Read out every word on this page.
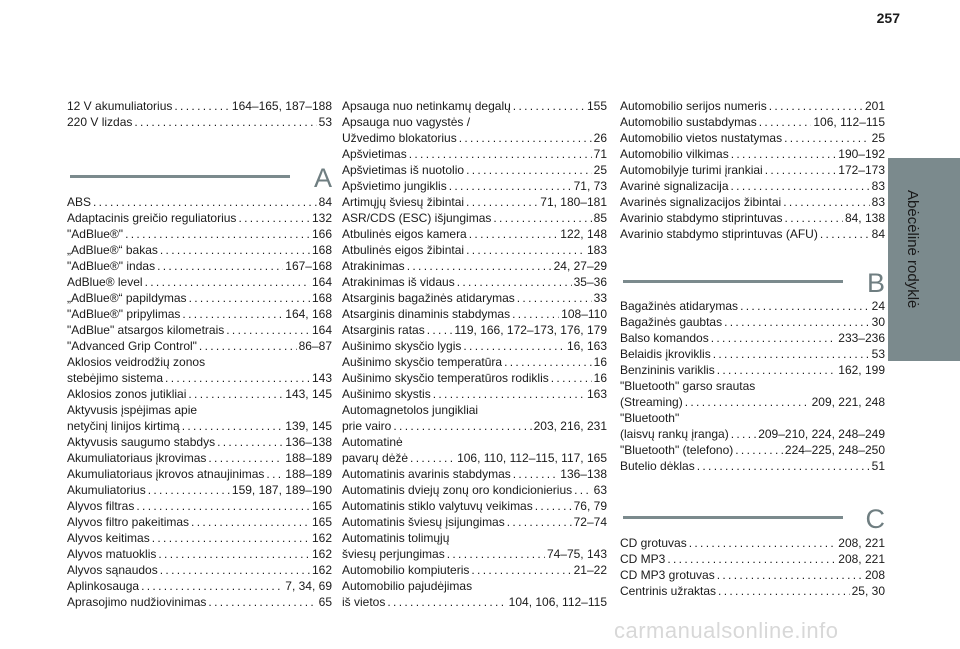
257
Abėcėlinė rodyklė
12 V akumuliatorius . . .	164–165, 187–188
220 V lizdas . . .	53
A
ABS . . .	84
Adaptacinis greičio reguliatorius . . .	132
"AdBlue®" . . .	166
„AdBlue®“ bakas . . .	168
"AdBlue®" indas . . .	167–168
AdBlue® level . . .	164
„AdBlue®“ papildymas . . .	168
"AdBlue®" pripylimas . . .	164, 168
"AdBlue" atsargos kilometrais . . .	164
"Advanced Grip Control" . . .	86–87
Aklosios veidrodžių zonos
stebėjimo sistema . . .	143
Aklosios zonos jutikliai . . .	143, 145
Aktyvusis įspėjimas apie
netyčinį linijos kirtimą . . .	139, 145
Aktyvusis saugumo stabdys . . .	136–138
Akumuliatoriaus įkrovimas . . .	188–189
Akumuliatoriaus įkrovos atnaujinimas . . . 188–189
Akumuliatorius . . .	159, 187, 189–190
Alyvos filtras . . .	165
Alyvos filtro pakeitimas . . .	165
Alyvos keitimas . . .	162
Alyvos matuoklis . . .	162
Alyvos sąnaudos . . .	162
Aplinkosauga . . .	7, 34, 69
Aprasojimo nudžiovinimas . . .	65
Apsauga nuo netinkamų degalų . . .	155
Apsauga nuo vagystės /
Užvedimo blokatorius . . .	26
Apšvietimas . . .	71
Apšvietimas iš nuotolio . . .	25
Apšvietimo jungiklis . . .	71, 73
Artimųjų šviesų žibintai . . .	71, 180–181
ASR/CDS (ESC) išjungimas . . .	85
Atbulinės eigos kamera . . .	122, 148
Atbulinės eigos žibintai . . .	183
Atrakinimas . . .	24, 27–29
Atrakinimas iš vidaus . . .	35–36
Atsarginis bagažinės atidarymas . . .	33
Atsarginis dinaminis stabdymas . . .	108–110
Atsarginis ratas . . . 119, 166, 172–173, 176, 179
Aušinimo skysčio lygis . . .	16, 163
Aušinimo skysčio temperatūra . . .	16
Aušinimo skysčio temperatūros rodiklis . . .	16
Aušinimo skystis . . .	163
Automagnetolos jungikliai
prie vairo . . .	203, 216, 231
Automatinė
pavarų dėžė . . .	106, 110, 112–115, 117, 165
Automatinis avarinis stabdymas . . .	136–138
Automatinis dviejų zonų oro kondicionierius . . . 63
Automatinis stiklo valytuvų veikimas . . .	76, 79
Automatinis šviesų įsijungimas . . .	72–74
Automatinis tolimųjų
šviesų perjungimas . . .	74–75, 143
Automobilio kompiuteris . . .	21–22
Automobilio pajudėjimas
iš vietos . . .	104, 106, 112–115
Automobilio serijos numeris . . .	201
Automobilio sustabdymas . . .	106, 112–115
Automobilio vietos nustatymas . . .	25
Automobilio vilkimas . . .	190–192
Automobilyje turimi įrankiai . . .	172–173
Avarinė signalizacija . . .	83
Avarinės signalizacijos žibintai . . .	83
Avarinio stabdymo stiprintuvas . . .	84, 138
Avarinio stabdymo stiprintuvas (AFU) . . .	84
B
Bagažinės atidarymas . . .	24
Bagažinės gaubtas . . .	30
Balso komandos . . .	233–236
Belaidis įkroviklis . . .	53
Benzininis variklis . . .	162, 199
"Bluetooth" garso srautas
(Streaming) . . .	209, 221, 248
"Bluetooth"
(laisvų rankų įranga) . . . 209–210, 224, 248–249
"Bluetooth" (telefono) . . .	224–225, 248–250
Butelio dėklas . . .	51
C
CD grotuvas . . .	208, 221
CD MP3 . . .	208, 221
CD MP3 grotuvas . . .	208
Centrinis užraktas . . .	25, 30
carmanualsonline.info
